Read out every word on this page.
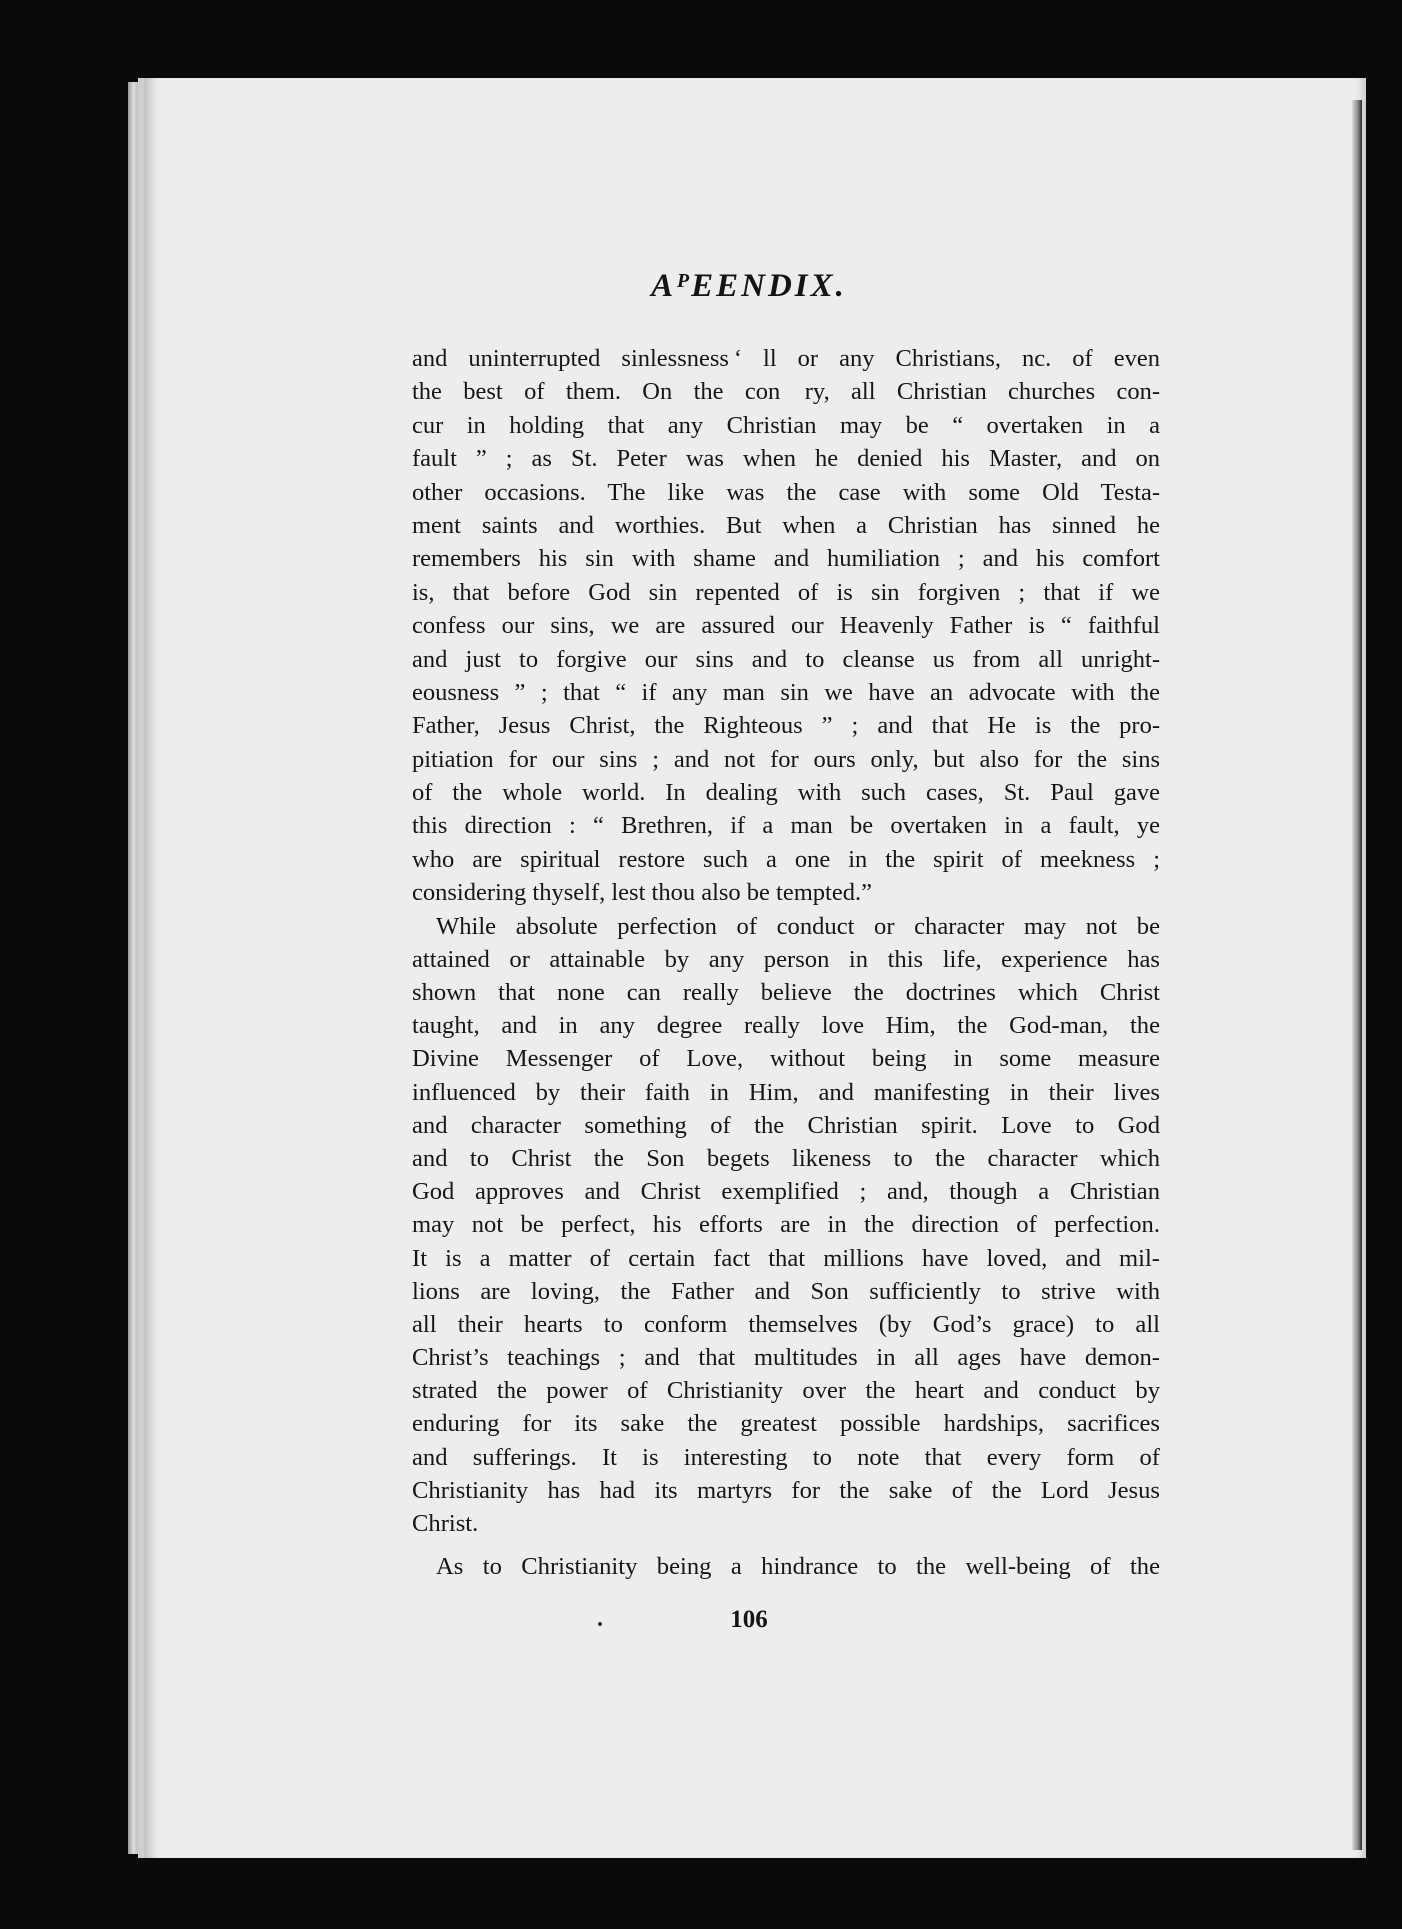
AᴾEENDIX.
and uninterrupted sinlessness ʻ ll or any Christians, nc. of even
the best of them. On the con ry, all Christian churches con-
cur in holding that any Christian may be “ overtaken in a
fault ” ; as St. Peter was when he denied his Master, and on
other occasions. The like was the case with some Old Testa-
ment saints and worthies. But when a Christian has sinned he
remembers his sin with shame and humiliation ; and his comfort
is, that before God sin repented of is sin forgiven ; that if we
confess our sins, we are assured our Heavenly Father is “ faithful
and just to forgive our sins and to cleanse us from all unright-
eousness ” ; that “ if any man sin we have an advocate with the
Father, Jesus Christ, the Righteous ” ; and that He is the pro-
pitiation for our sins ; and not for ours only, but also for the sins
of the whole world. In dealing with such cases, St. Paul gave
this direction : “ Brethren, if a man be overtaken in a fault, ye
who are spiritual restore such a one in the spirit of meekness ;
considering thyself, lest thou also be tempted.”
While absolute perfection of conduct or character may not be
attained or attainable by any person in this life, experience has
shown that none can really believe the doctrines which Christ
taught, and in any degree really love Him, the God-man, the
Divine Messenger of Love, without being in some measure
influenced by their faith in Him, and manifesting in their lives
and character something of the Christian spirit. Love to God
and to Christ the Son begets likeness to the character which
God approves and Christ exemplified ; and, though a Christian
may not be perfect, his efforts are in the direction of perfection.
It is a matter of certain fact that millions have loved, and mil-
lions are loving, the Father and Son sufficiently to strive with
all their hearts to conform themselves (by God’s grace) to all
Christ’s teachings ; and that multitudes in all ages have demon-
strated the power of Christianity over the heart and conduct by
enduring for its sake the greatest possible hardships, sacrifices
and sufferings. It is interesting to note that every form of
Christianity has had its martyrs for the sake of the Lord Jesus
Christ.
As to Christianity being a hindrance to the well-being of the
106
